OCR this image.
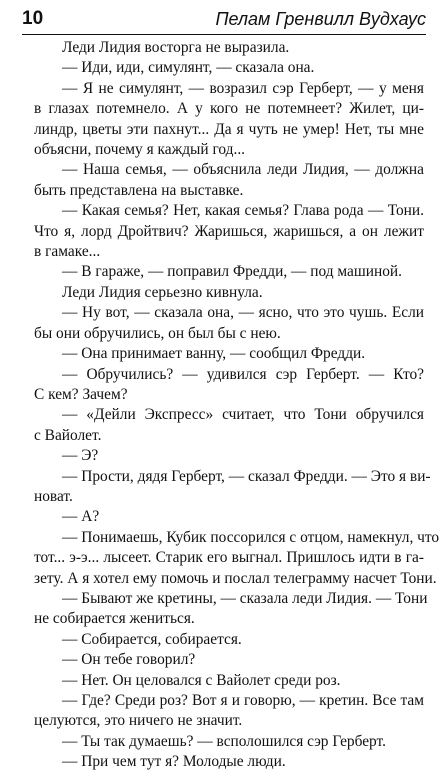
10	Пелам Гренвилл Вудхаус
Леди Лидия восторга не выразила.
— Иди, иди, симулянт, — сказала она.
— Я не симулянт, — возразил сэр Герберт, — у меня
в глазах потемнело. А у кого не потемнеет? Жилет, ци-
линдр, цветы эти пахнут... Да я чуть не умер! Нет, ты мне
объясни, почему я каждый год...
— Наша семья, — объяснила леди Лидия, — должна
быть представлена на выставке.
— Какая семья? Нет, какая семья? Глава рода — Тони.
Что я, лорд Дройтвич? Жаришься, жаришься, а он лежит
в гамаке...
— В гараже, — поправил Фредди, — под машиной.
Леди Лидия серьезно кивнула.
— Ну вот, — сказала она, — ясно, что это чушь. Если
бы они обручились, он был бы с нею.
— Она принимает ванну, — сообщил Фредди.
— Обручились? — удивился сэр Герберт. — Кто?
С кем? Зачем?
— «Дейли Экспресс» считает, что Тони обручился
с Вайолет.
— Э?
— Прости, дядя Герберт, — сказал Фредди. — Это я ви-
новат.
— А?
— Понимаешь, Кубик поссорился с отцом, намекнул, что
тот... э-э... лысеет. Старик его выгнал. Пришлось идти в га-
зету. А я хотел ему помочь и послал телеграмму насчет Тони.
— Бывают же кретины, — сказала леди Лидия. — Тони
не собирается жениться.
— Собирается, собирается.
— Он тебе говорил?
— Нет. Он целовался с Вайолет среди роз.
— Где? Среди роз? Вот я и говорю, — кретин. Все там
целуются, это ничего не значит.
— Ты так думаешь? — всполошился сэр Герберт.
— При чем тут я? Молодые люди.
